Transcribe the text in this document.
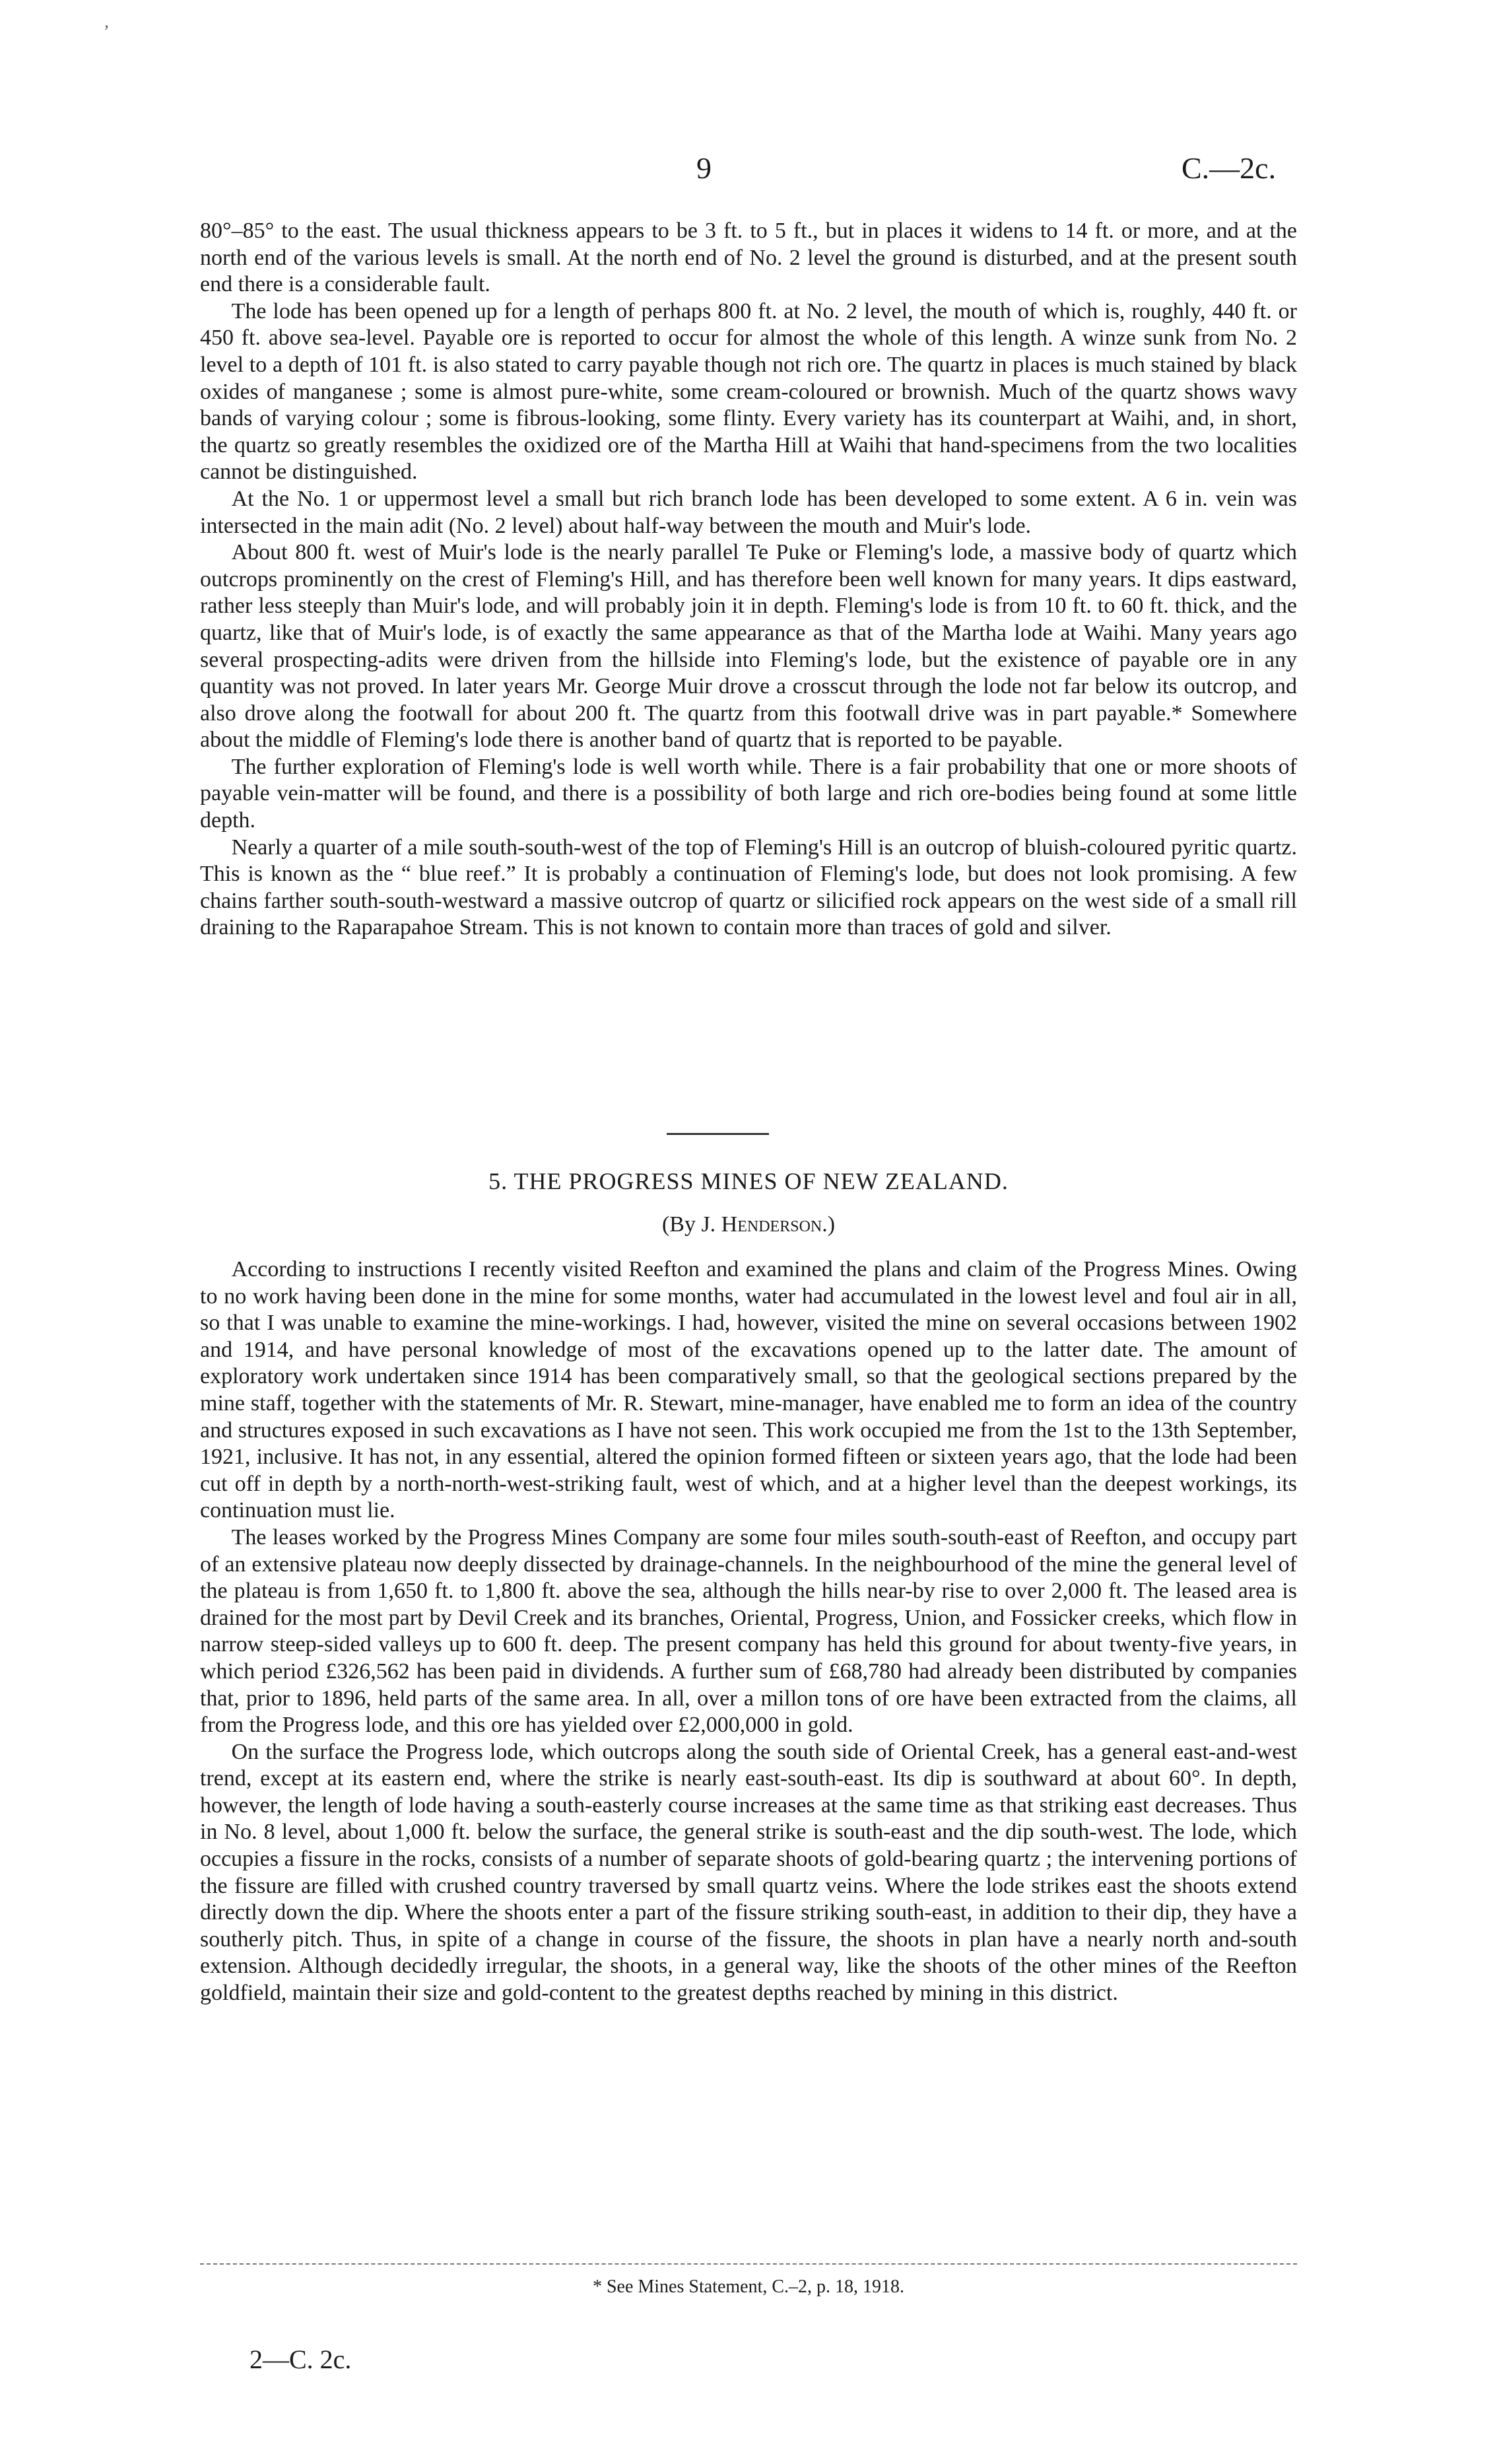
‚
9	C.—2c.

80°–85° to the east. The usual thickness appears to be 3 ft. to 5 ft., but in places it widens to 14 ft. or more, and at the north end of the various levels is small. At the north end of No. 2 level the ground is disturbed, and at the present south end there is a considerable fault.

The lode has been opened up for a length of perhaps 800 ft. at No. 2 level, the mouth of which is, roughly, 440 ft. or 450 ft. above sea-level. Payable ore is reported to occur for almost the whole of this length. A winze sunk from No. 2 level to a depth of 101 ft. is also stated to carry payable though not rich ore. The quartz in places is much stained by black oxides of manganese ; some is almost pure-white, some cream-coloured or brownish. Much of the quartz shows wavy bands of varying colour ; some is fibrous-looking, some flinty. Every variety has its counterpart at Waihi, and, in short, the quartz so greatly resembles the oxidized ore of the Martha Hill at Waihi that hand-specimens from the two localities cannot be distinguished.

At the No. 1 or uppermost level a small but rich branch lode has been developed to some extent. A 6 in. vein was intersected in the main adit (No. 2 level) about half-way between the mouth and Muir's lode.

About 800 ft. west of Muir's lode is the nearly parallel Te Puke or Fleming's lode, a massive body of quartz which outcrops prominently on the crest of Fleming's Hill, and has therefore been well known for many years. It dips eastward, rather less steeply than Muir's lode, and will probably join it in depth. Fleming's lode is from 10 ft. to 60 ft. thick, and the quartz, like that of Muir's lode, is of exactly the same appearance as that of the Martha lode at Waihi. Many years ago several prospecting-adits were driven from the hillside into Fleming's lode, but the existence of payable ore in any quantity was not proved. In later years Mr. George Muir drove a crosscut through the lode not far below its outcrop, and also drove along the footwall for about 200 ft. The quartz from this footwall drive was in part payable.* Somewhere about the middle of Fleming's lode there is another band of quartz that is reported to be payable.

The further exploration of Fleming's lode is well worth while. There is a fair probability that one or more shoots of payable vein-matter will be found, and there is a possibility of both large and rich ore-bodies being found at some little depth.

Nearly a quarter of a mile south-south-west of the top of Fleming's Hill is an outcrop of bluish-coloured pyritic quartz. This is known as the “ blue reef.” It is probably a continuation of Fleming's lode, but does not look promising. A few chains farther south-south-westward a massive outcrop of quartz or silicified rock appears on the west side of a small rill draining to the Raparapahoe Stream. This is not known to contain more than traces of gold and silver.

5. THE PROGRESS MINES OF NEW ZEALAND.
(By J. Henderson.)

According to instructions I recently visited Reefton and examined the plans and claim of the Progress Mines. Owing to no work having been done in the mine for some months, water had accumulated in the lowest level and foul air in all, so that I was unable to examine the mine-workings. I had, however, visited the mine on several occasions between 1902 and 1914, and have personal knowledge of most of the excavations opened up to the latter date. The amount of exploratory work undertaken since 1914 has been comparatively small, so that the geological sections prepared by the mine staff, together with the statements of Mr. R. Stewart, mine-manager, have enabled me to form an idea of the country and structures exposed in such excavations as I have not seen. This work occupied me from the 1st to the 13th September, 1921, inclusive. It has not, in any essential, altered the opinion formed fifteen or sixteen years ago, that the lode had been cut off in depth by a north-north-west-striking fault, west of which, and at a higher level than the deepest workings, its continuation must lie.

The leases worked by the Progress Mines Company are some four miles south-south-east of Reefton, and occupy part of an extensive plateau now deeply dissected by drainage-channels. In the neighbourhood of the mine the general level of the plateau is from 1,650 ft. to 1,800 ft. above the sea, although the hills near-by rise to over 2,000 ft. The leased area is drained for the most part by Devil Creek and its branches, Oriental, Progress, Union, and Fossicker creeks, which flow in narrow steep-sided valleys up to 600 ft. deep. The present company has held this ground for about twenty-five years, in which period £326,562 has been paid in dividends. A further sum of £68,780 had already been distributed by companies that, prior to 1896, held parts of the same area. In all, over a millon tons of ore have been extracted from the claims, all from the Progress lode, and this ore has yielded over £2,000,000 in gold.

On the surface the Progress lode, which outcrops along the south side of Oriental Creek, has a general east-and-west trend, except at its eastern end, where the strike is nearly east-south-east. Its dip is southward at about 60°. In depth, however, the length of lode having a south-easterly course increases at the same time as that striking east decreases. Thus in No. 8 level, about 1,000 ft. below the surface, the general strike is south-east and the dip south-west. The lode, which occupies a fissure in the rocks, consists of a number of separate shoots of gold-bearing quartz ; the intervening portions of the fissure are filled with crushed country traversed by small quartz veins. Where the lode strikes east the shoots extend directly down the dip. Where the shoots enter a part of the fissure striking south-east, in addition to their dip, they have a southerly pitch. Thus, in spite of a change in course of the fissure, the shoots in plan have a nearly north and-south extension. Although decidedly irregular, the shoots, in a general way, like the shoots of the other mines of the Reefton goldfield, maintain their size and gold-content to the greatest depths reached by mining in this district.

* See Mines Statement, C.–2, p. 18, 1918.
2—C. 2c.
